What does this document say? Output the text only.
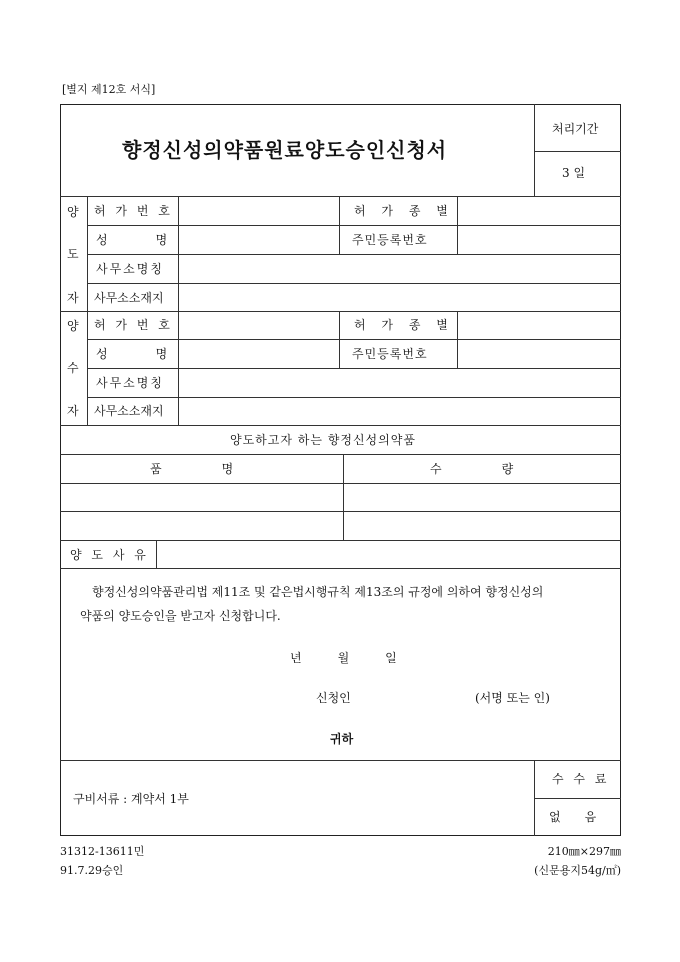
[별지 제12호 서식]
향정신성의약품원료양도승인신청서
처리기간
3 일
양
도
자
허 가 번 호	허 가 종 별
성　　명	주민등록번호
사무소명칭
사무소소재지
양
수
자
허 가 번 호	허 가 종 별
성　　명	주민등록번호
사무소명칭
사무소소재지
양도하고자 하는 향정신성의약품
품　　　　　명	수　　　　　량
양 도 사 유
향정신성의약품관리법 제11조 및 같은법시행규칙 제13조의 규정에 의하여 향정신성의
약품의 양도승인을 받고자 신청합니다.
년　　　월　　　일
신청인	(서명 또는 인)
귀하
구비서류 : 계약서 1부
수 수 료
없　　음
31312-13611민
91.7.29승인
210㎜×297㎜
(신문용지54g/㎡)
